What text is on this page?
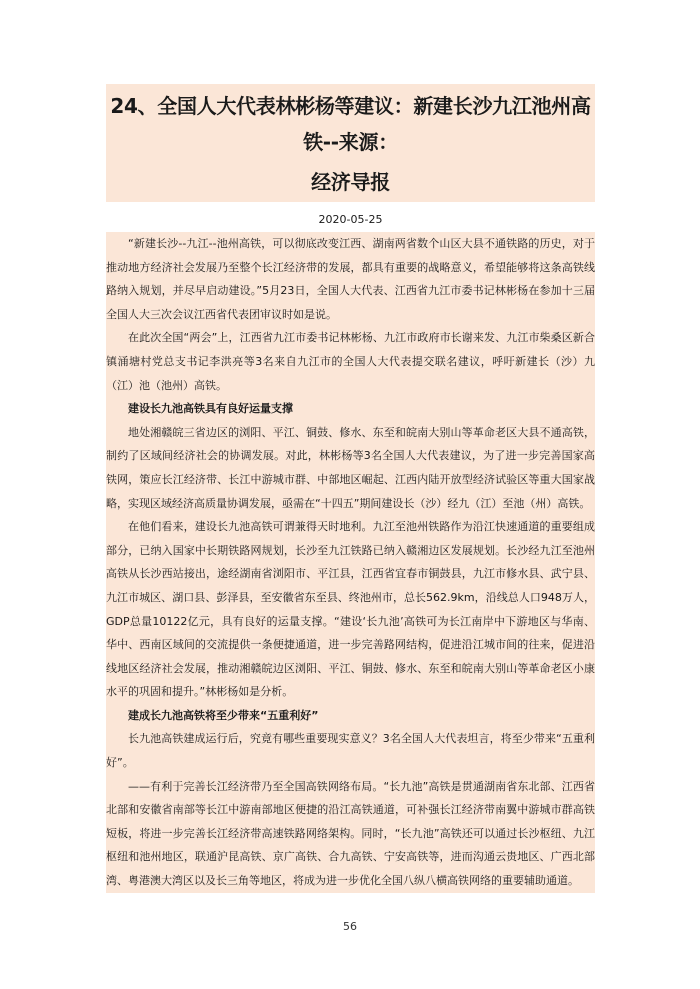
24、全国人大代表林彬杨等建议：新建长沙九江池州高铁--来源：
经济导报
2020-05-25

“新建长沙--九江--池州高铁，可以彻底改变江西、湖南两省数个山区大县不通铁路的历史，对于推动地方经济社会发展乃至整个长江经济带的发展，都具有重要的战略意义，希望能够将这条高铁线路纳入规划，并尽早启动建设。”5月23日，全国人大代表、江西省九江市委书记林彬杨在参加十三届全国人大三次会议江西省代表团审议时如是说。

在此次全国“两会”上，江西省九江市委书记林彬杨、九江市政府市长谢来发、九江市柴桑区新合镇涌塘村党总支书记李洪亮等3名来自九江市的全国人大代表提交联名建议，呼吁新建长（沙）九（江）池（池州）高铁。

建设长九池高铁具有良好运量支撑

地处湘赣皖三省边区的浏阳、平江、铜鼓、修水、东至和皖南大别山等革命老区大县不通高铁，制约了区域间经济社会的协调发展。对此，林彬杨等3名全国人大代表建议，为了进一步完善国家高铁网，策应长江经济带、长江中游城市群、中部地区崛起、江西内陆开放型经济试验区等重大国家战略，实现区域经济高质量协调发展，亟需在“十四五”期间建设长（沙）经九（江）至池（州）高铁。

在他们看来，建设长九池高铁可谓兼得天时地利。九江至池州铁路作为沿江快速通道的重要组成部分，已纳入国家中长期铁路网规划，长沙至九江铁路已纳入赣湘边区发展规划。长沙经九江至池州高铁从长沙西站接出，途经湖南省浏阳市、平江县，江西省宜春市铜鼓县，九江市修水县、武宁县、九江市城区、湖口县、彭泽县，至安徽省东至县、终池州市，总长562.9km，沿线总人口948万人，GDP总量10122亿元，具有良好的运量支撑。“建设‘长九池’高铁可为长江南岸中下游地区与华南、华中、西南区域间的交流提供一条便捷通道，进一步完善路网结构，促进沿江城市间的往来，促进沿线地区经济社会发展，推动湘赣皖边区浏阳、平江、铜鼓、修水、东至和皖南大别山等革命老区小康水平的巩固和提升。”林彬杨如是分析。

建成长九池高铁将至少带来“五重利好”

长九池高铁建成运行后，究竟有哪些重要现实意义？3名全国人大代表坦言，将至少带来“五重利好”。

——有利于完善长江经济带乃至全国高铁网络布局。“长九池”高铁是贯通湖南省东北部、江西省北部和安徽省南部等长江中游南部地区便捷的沿江高铁通道，可补强长江经济带南翼中游城市群高铁短板，将进一步完善长江经济带高速铁路网络架构。同时，“长九池”高铁还可以通过长沙枢纽、九江枢纽和池州地区，联通沪昆高铁、京广高铁、合九高铁、宁安高铁等，进而沟通云贵地区、广西北部湾、粤港澳大湾区以及长三角等地区，将成为进一步优化全国八纵八横高铁网络的重要辅助通道。

56
